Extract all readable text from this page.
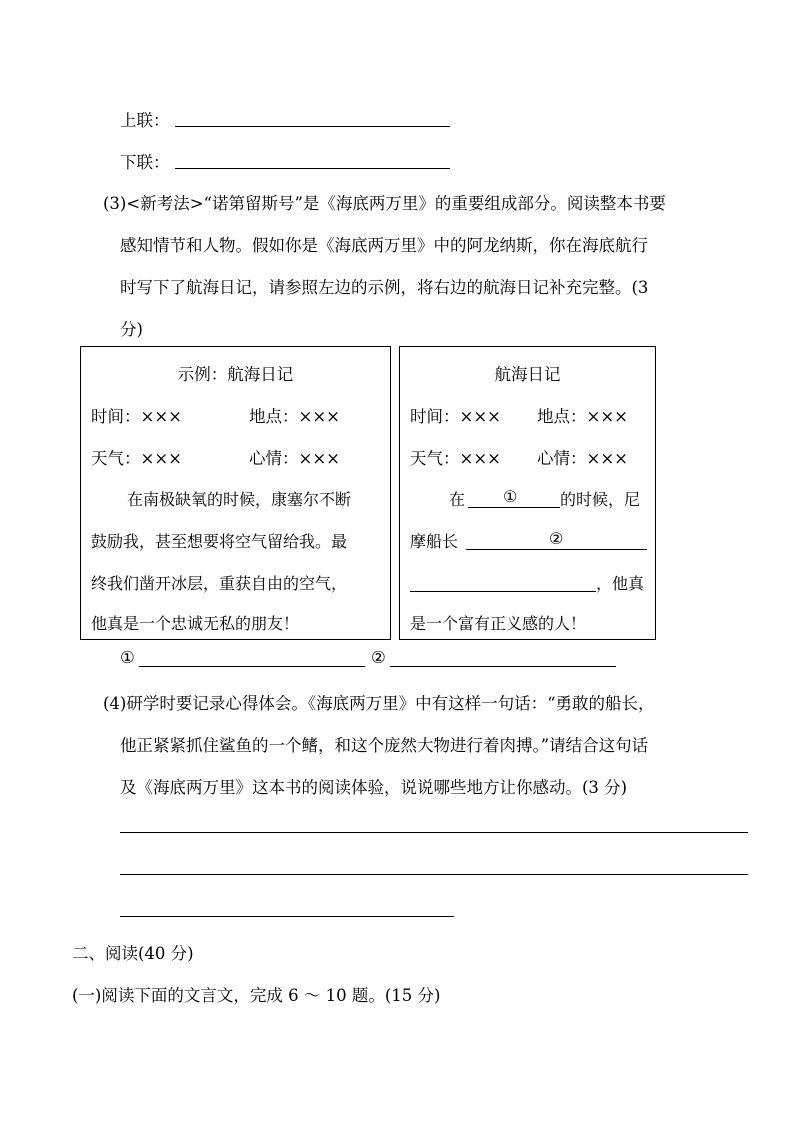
上联：
下联：
(3)<新考法>“诺第留斯号”是《海底两万里》的重要组成部分。阅读整本书要
感知情节和人物。假如你是《海底两万里》中的阿龙纳斯，你在海底航行
时写下了航海日记，请参照左边的示例，将右边的航海日记补充完整。(3
分)
示例：航海日记
时间：×××	地点：×××
天气：×××	心情：×××
在南极缺氧的时候，康塞尔不断
鼓励我，甚至想要将空气留给我。最
终我们凿开冰层，重获自由的空气，
他真是一个忠诚无私的朋友！
航海日记
时间：××× 地点：×××
天气：××× 心情：×××
在 ①	的时候，尼
摩船长	②
，他真
是一个富有正义感的人！
①	②
(4)研学时要记录心得体会。《海底两万里》中有这样一句话：“勇敢的船长，
他正紧紧抓住鲨鱼的一个鳍，和这个庞然大物进行着肉搏。”请结合这句话
及《海底两万里》这本书的阅读体验，说说哪些地方让你感动。(3 分)
二、阅读(40 分)
(一)阅读下面的文言文，完成 6 ～ 10 题。(15 分)
